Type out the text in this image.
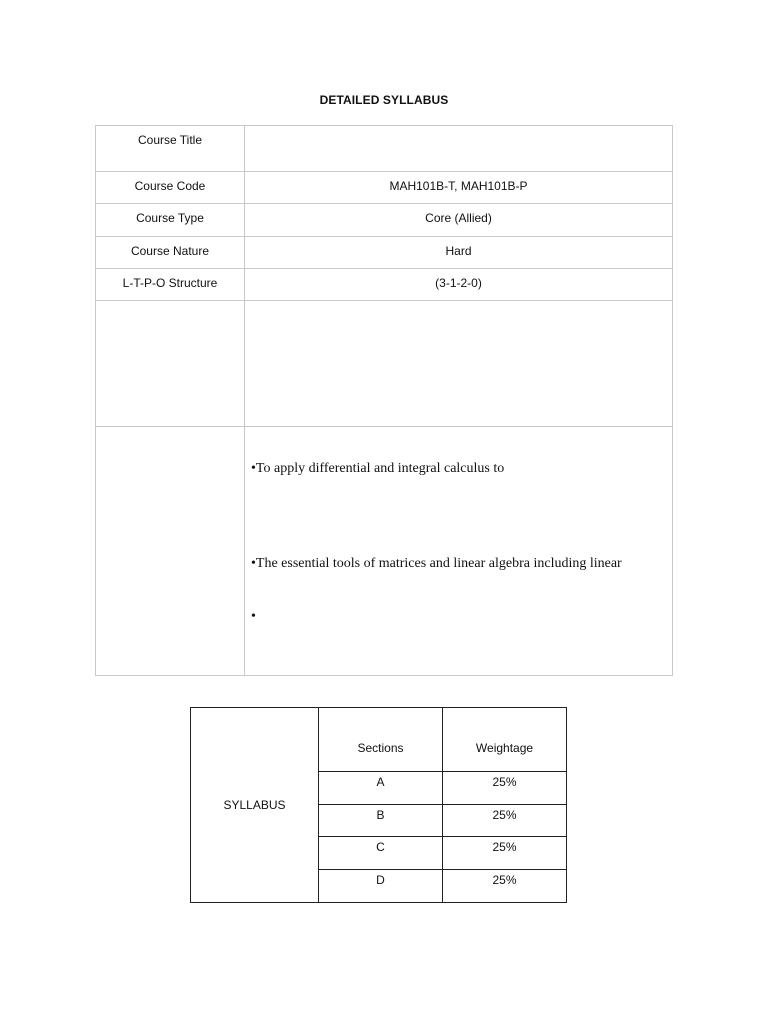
DETAILED SYLLABUS
Course Title	
Course Code	MAH101B-T, MAH101B-P
Course Type	Core (Allied)
Course Nature	Hard
L-T-P-O Structure	(3-1-2-0)

	•To apply differential and integral calculus to

•The essential tools of matrices and linear algebra including linear

•

SYLLABUS	Sections	Weightage
	A	25%
	B	25%
	C	25%
	D	25%
